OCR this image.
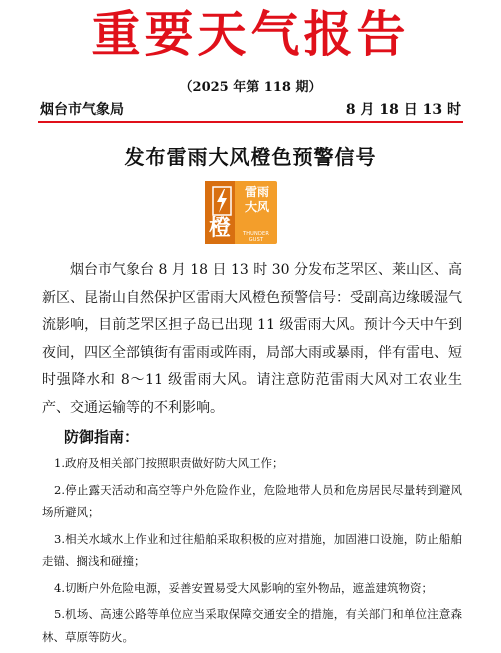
重要天气报告
（2025 年第 118 期）
烟台市气象局	8 月 18 日 13 时
发布雷雨大风橙色预警信号
橙
雷雨
大风
THUNDER GUST
烟台市气象台 8 月 18 日 13 时 30 分发布芝罘区、莱山区、高新区、昆嵛山自然保护区雷雨大风橙色预警信号：受副高边缘暖湿气流影响，目前芝罘区担子岛已出现 11 级雷雨大风。预计今天中午到夜间，四区全部镇街有雷雨或阵雨，局部大雨或暴雨，伴有雷电、短时强降水和 8～11 级雷雨大风。请注意防范雷雨大风对工农业生产、交通运输等的不利影响。
防御指南：
1.政府及相关部门按照职责做好防大风工作；
2.停止露天活动和高空等户外危险作业，危险地带人员和危房居民尽量转到避风场所避风；
3.相关水域水上作业和过往船舶采取积极的应对措施，加固港口设施，防止船舶走锚、搁浅和碰撞；
4.切断户外危险电源，妥善安置易受大风影响的室外物品，遮盖建筑物资；
5.机场、高速公路等单位应当采取保障交通安全的措施，有关部门和单位注意森林、草原等防火。
